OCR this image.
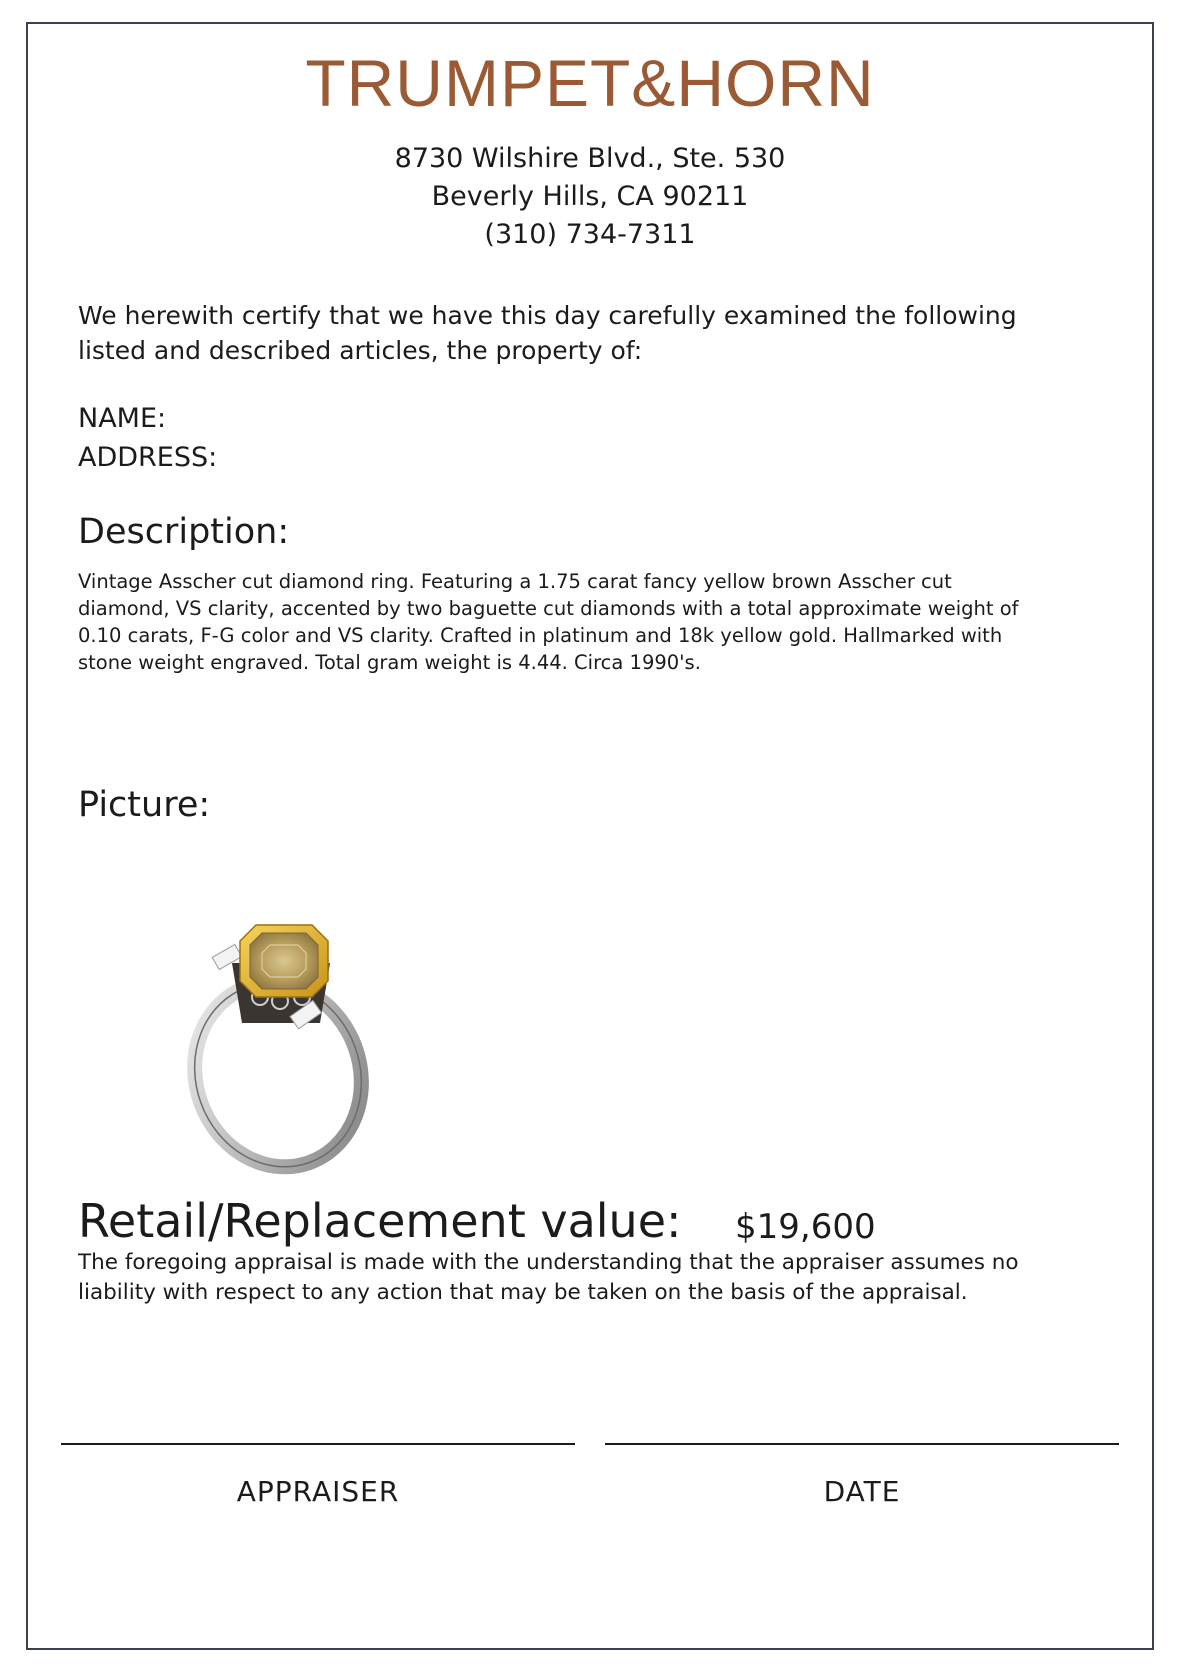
TRUMPET&HORN
8730 Wilshire Blvd., Ste. 530
Beverly Hills, CA 90211
(310) 734-7311
We herewith certify that we have this day carefully examined the following
listed and described articles, the property of:
NAME:
ADDRESS:
Description:
Vintage Asscher cut diamond ring. Featuring a 1.75 carat fancy yellow brown Asscher cut
diamond, VS clarity, accented by two baguette cut diamonds with a total approximate weight of
0.10 carats, F-G color and VS clarity. Crafted in platinum and 18k yellow gold. Hallmarked with
stone weight engraved. Total gram weight is 4.44. Circa 1990's.
Picture:
Retail/Replacement value: $19,600
The foregoing appraisal is made with the understanding that the appraiser assumes no
liability with respect to any action that may be taken on the basis of the appraisal.
APPRAISER	DATE
